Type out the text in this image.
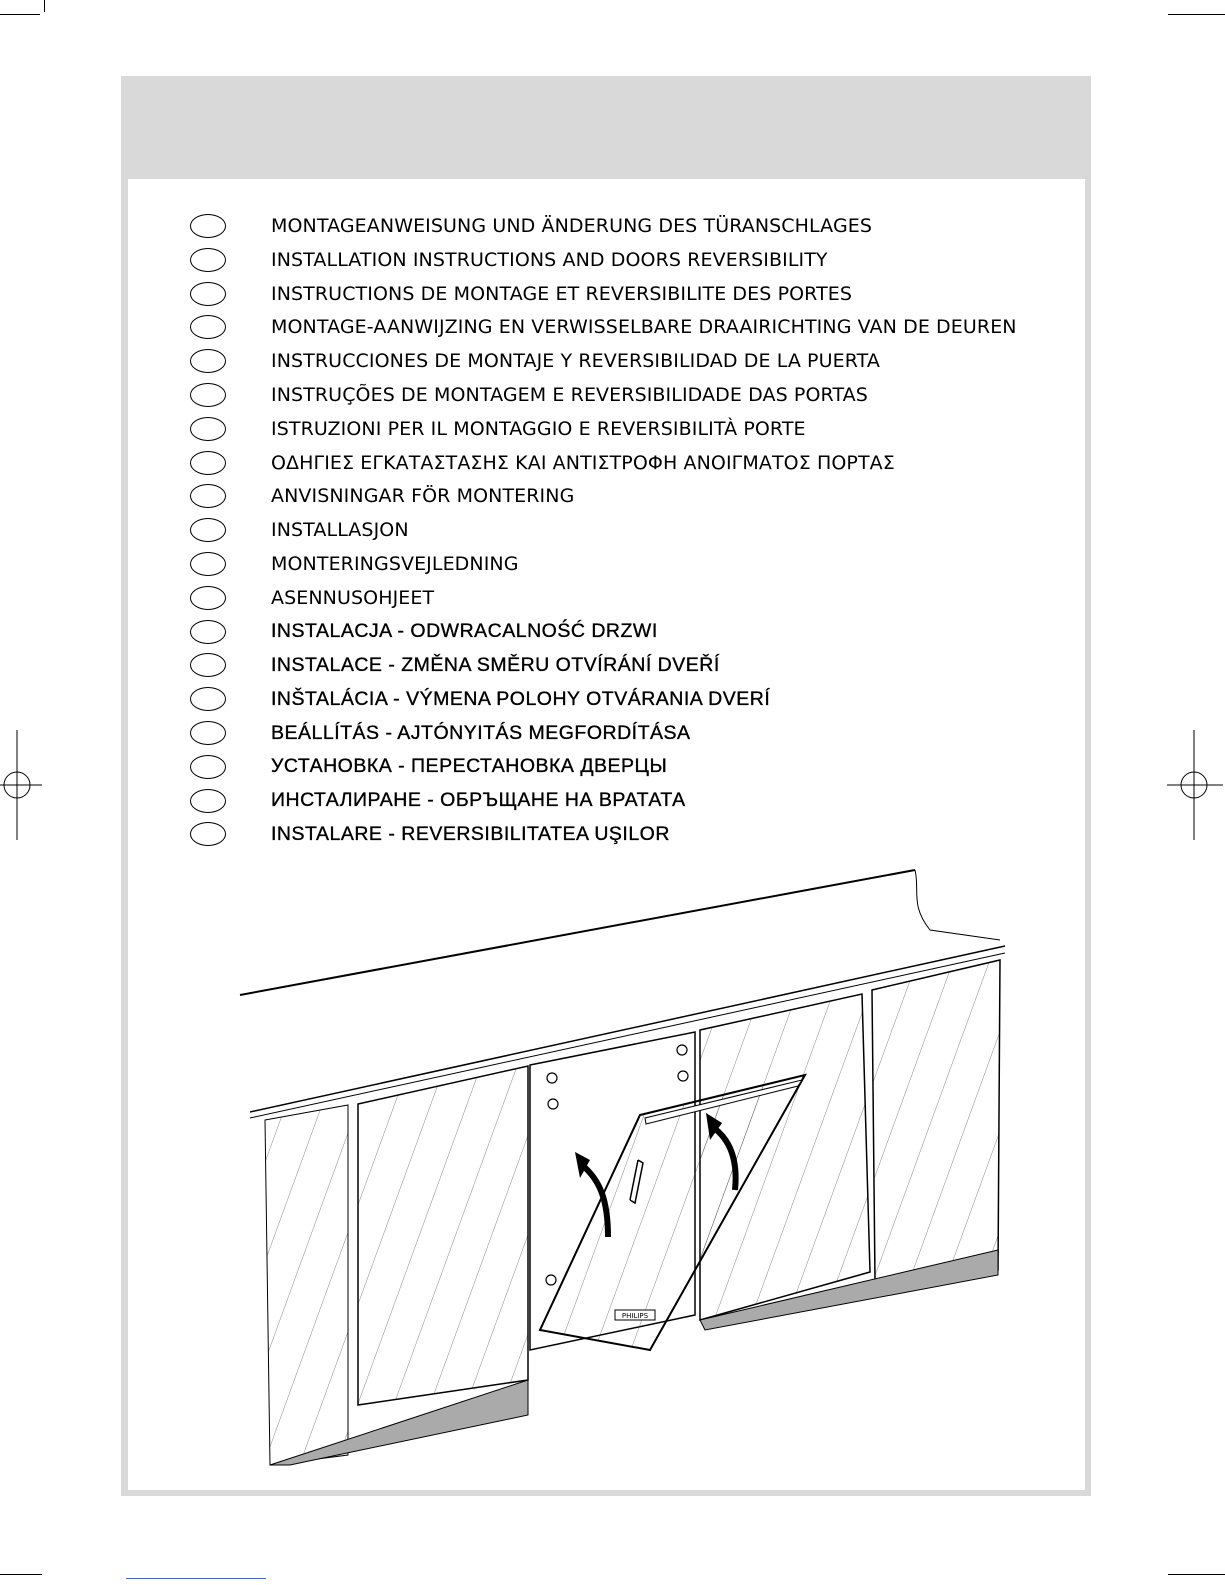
MONTAGEANWEISUNG UND ÄNDERUNG DES TÜRANSCHLAGES
INSTALLATION INSTRUCTIONS AND DOORS REVERSIBILITY
INSTRUCTIONS DE MONTAGE ET REVERSIBILITE DES PORTES
MONTAGE-AANWIJZING EN VERWISSELBARE DRAAIRICHTING VAN DE DEUREN
INSTRUCCIONES DE MONTAJE Y REVERSIBILIDAD DE LA PUERTA
INSTRUÇÕES DE MONTAGEM E REVERSIBILIDADE DAS PORTAS
ISTRUZIONI PER IL MONTAGGIO E REVERSIBILITÀ PORTE
ΟΔΗΓΙΕΣ ΕΓΚΑΤΑΣΤΑΣΗΣ ΚΑΙ ΑΝΤΙΣΤΡΟΦΗ ΑΝΟΙΓΜΑΤΟΣ ΠΟΡΤΑΣ
ANVISNINGAR FÖR MONTERING
INSTALLASJON
MONTERINGSVEJLEDNING
ASENNUSOHJEET
INSTALACJA - ODWRACALNOŚĆ DRZWI
INSTALACE - ZMĚNA SMĚRU OTVÍRÁNÍ DVEŘÍ
INŠTALÁCIA - VÝMENA POLOHY OTVÁRANIA DVERÍ
BEÁLLÍTÁS - AJTÓNYITÁS MEGFORDÍTÁSA
УСТАНОВКА - ПЕРЕСТАНОВКА ДВЕРЦЫ
ИНСТАЛИРАНЕ - ОБРЪЩАНЕ НА ВРАТАТА
INSTALARE - REVERSIBILITATEA UŞILOR
PHILIPS
